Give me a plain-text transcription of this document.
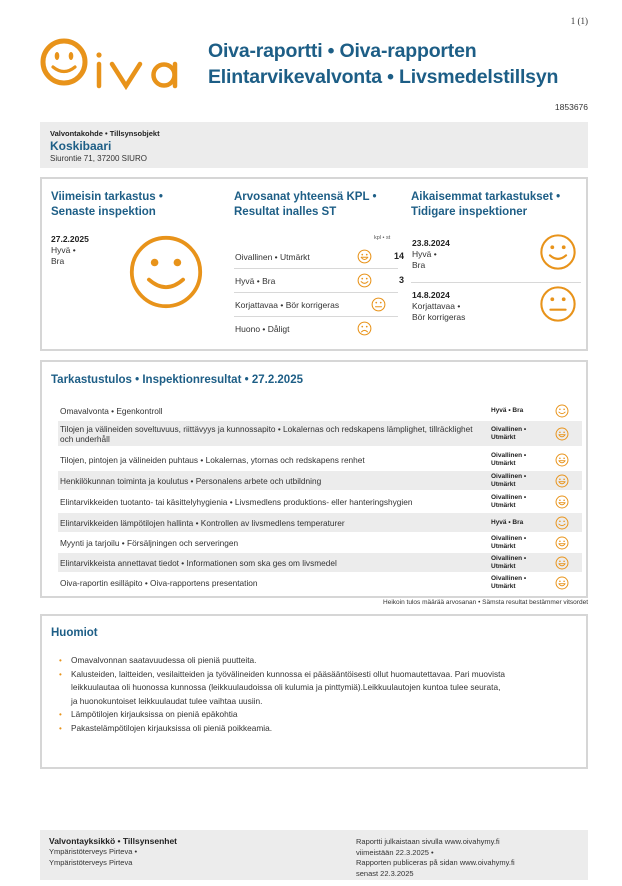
1 (1)
Oiva-raportti • Oiva-rapporten
Elintarvikevalvonta • Livsmedelstillsyn
1853676
Valvontakohde • Tillsynsobjekt
Koskibaari
Siurontie 71, 37200 SIURO
Viimeisin tarkastus •
Senaste inspektion
27.2.2025
Hyvä •
Bra
Arvosanat yhteensä KPL •
Resultat inalles ST
kpl • st
Oivallinen • Utmärkt	14
Hyvä • Bra	3
Korjattavaa • Bör korrigeras
Huono • Dåligt
Aikaisemmat tarkastukset •
Tidigare inspektioner
23.8.2024
Hyvä •
Bra
14.8.2024
Korjattavaa •
Bör korrigeras
Tarkastustulos • Inspektionresultat • 27.2.2025
Omavalvonta • Egenkontroll	Hyvä • Bra
Tilojen ja välineiden soveltuvuus, riittävyys ja kunnossapito • Lokalernas och redskapens lämplighet, tillräcklighet och underhåll
Oivallinen •
Utmärkt
Tilojen, pintojen ja välineiden puhtaus • Lokalernas, ytornas och redskapens renhet	Oivallinen •
Utmärkt
Henkilökunnan toiminta ja koulutus • Personalens arbete och utbildning	Oivallinen •
Utmärkt
Elintarvikkeiden tuotanto- tai käsittelyhygienia • Livsmedlens produktions- eller hanteringshygien	Oivallinen •
Utmärkt
Elintarvikkeiden lämpötilojen hallinta • Kontrollen av livsmedlens temperaturer	Hyvä • Bra
Myynti ja tarjoilu • Försäljningen och serveringen	Oivallinen •
Utmärkt
Elintarvikkeista annettavat tiedot • Informationen som ska ges om livsmedel	Oivallinen •
Utmärkt
Oiva-raportin esilläpito • Oiva-rapportens presentation	Oivallinen •
Utmärkt
Heikoin tulos määrää arvosanan • Sämsta resultat bestämmer vitsordet
Huomiot
• Omavalvonnan saatavuudessa oli pieniä puutteita.
• Kalusteiden, laitteiden, vesilaitteiden ja työvälineiden kunnossa ei pääsääntöisesti ollut huomautettavaa. Pari muovista
leikkuulautaa oli huonossa kunnossa (leikkuulaudoissa oli kulumia ja pinttymiä).Leikkuulautojen kuntoa tulee seurata,
ja huonokuntoiset leikkuulaudat tulee vaihtaa uusiin.
• Lämpötilojen kirjauksissa on pieniä epäkohtia
• Pakastelämpötilojen kirjauksissa oli pieniä poikkeamia.
Valvontayksikkö • Tillsynsenhet
Ympäristöterveys Pirteva •
Ympäristöterveys Pirteva
Raportti julkaistaan sivulla www.oivahymy.fi
viimeistään 22.3.2025 •
Rapporten publiceras på sidan www.oivahymy.fi
senast 22.3.2025
